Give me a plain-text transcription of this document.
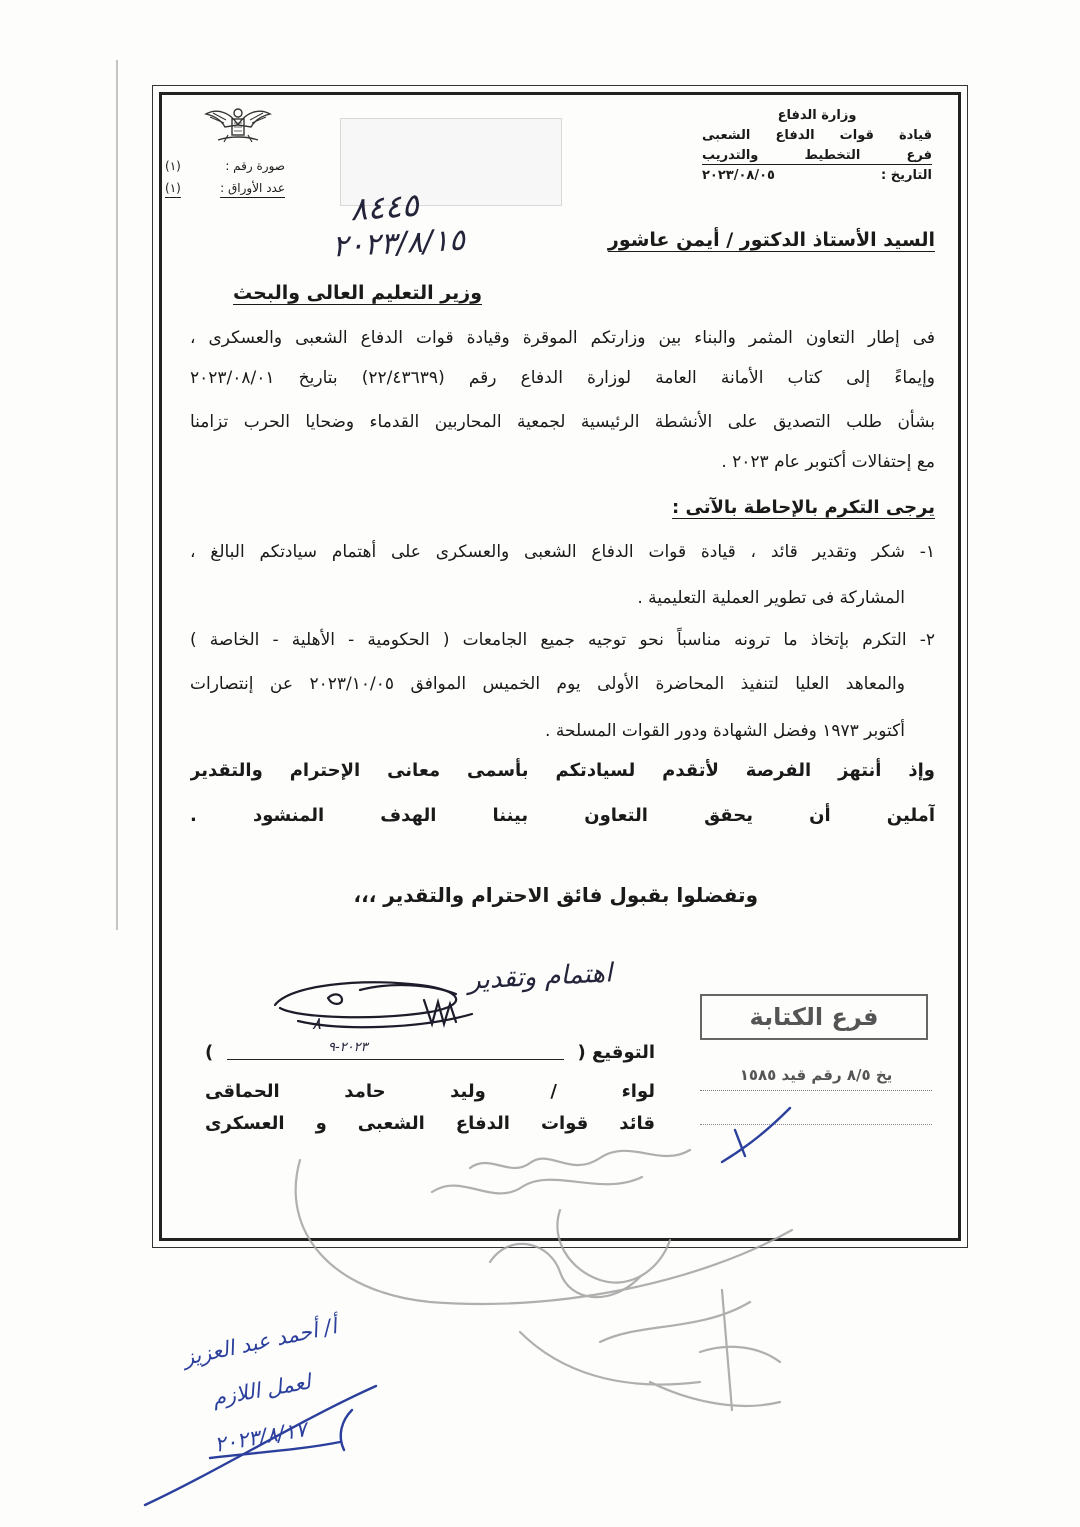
وزارة الدفاع
قيادة قوات الدفاع الشعبى
فرع التخطيط والتدريب
التاريخ :
٢٠٢٣/٠٨/٠٥
صورة رقم :
(١)
عدد الأوراق :
(١)	٨٤٤٥
٢٠٢٣/٨/١٥	السيد الأستاذ الدكتور / أيمن عاشور
وزير التعليم العالى والبحث
فى إطار التعاون المثمر والبناء بين وزارتكم الموقرة وقيادة قوات الدفاع الشعبى والعسكرى ،
وإيماءً إلى كتاب الأمانة العامة لوزارة الدفاع رقم (٢٢/٤٣٦٣٩) بتاريخ ٢٠٢٣/٠٨/٠١
بشأن طلب التصديق على الأنشطة الرئيسية لجمعية المحاربين القدماء وضحايا الحرب تزامنا
مع إحتفالات أكتوبر عام ٢٠٢٣ .
يرجى التكرم بالإحاطة بالآتى :
١- شكر وتقدير قائد ، قيادة قوات الدفاع الشعبى والعسكرى على أهتمام سيادتكم البالغ ،
المشاركة فى تطوير العملية التعليمية .
٢- التكرم بإتخاذ ما ترونه مناسباً نحو توجيه جميع الجامعات ( الحكومية - الأهلية - الخاصة )
والمعاهد العليا لتنفيذ المحاضرة الأولى يوم الخميس الموافق ٢٠٢٣/١٠/٠٥ عن إنتصارات
أكتوبر ١٩٧٣ وفضل الشهادة ودور القوات المسلحة .
وإذ أنتهز الفرصة لأتقدم لسيادتكم بأسمى معانى الإحترام والتقدير
آملين أن يحقق التعاون بيننا الهدف المنشود .
وتفضلوا بقبول فائق الاحترام والتقدير ،،،
اهتمام وتقدير
التوقيع (
)
٨
٢٠٢٣-٩
لواء / وليد حامد الحماقى
قائد قوات الدفاع الشعبى و العسكرى
فرع الكتابة
يخ ٨/٥ رقم قيد ١٥٨٥
أ/ أحمد عبد العزيز
لعمل اللازم
٢٠٢٣/٨/١٧
